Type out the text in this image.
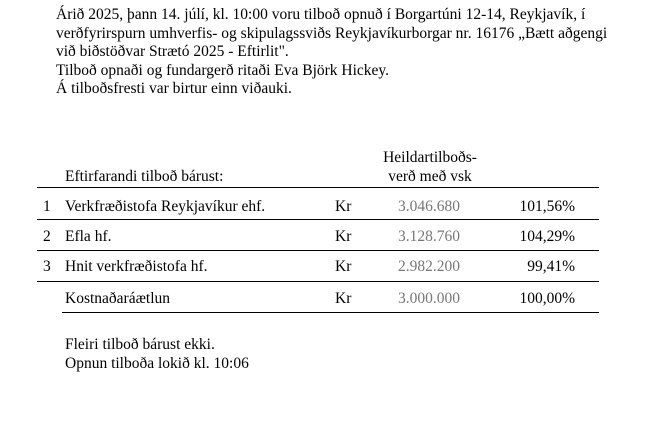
Árið 2025, þann 14. júlí, kl. 10:00 voru tilboð opnuð í Borgartúni 12-14, Reykjavík, í
verðfyrirspurn umhverfis- og skipulagssviðs Reykjavíkurborgar nr. 16176 „Bætt aðgengi
við biðstöðvar Strætó 2025 - Eftirlit".
Tilboð opnaði og fundargerð ritaði Eva Björk Hickey.
Á tilboðsfresti var birtur einn viðauki.
Eftirfarandi tilboð bárust:
Heildartilboðs-
verð með vsk
1 Verkfræðistofa Reykjavíkur ehf.	Kr	3.046.680	101,56%
2 Efla hf.	Kr	3.128.760	104,29%
3 Hnit verkfræðistofa hf.	Kr	2.982.200	99,41%
Kostnaðaráætlun	Kr	3.000.000	100,00%
Fleiri tilboð bárust ekki.
Opnun tilboða lokið kl. 10:06
